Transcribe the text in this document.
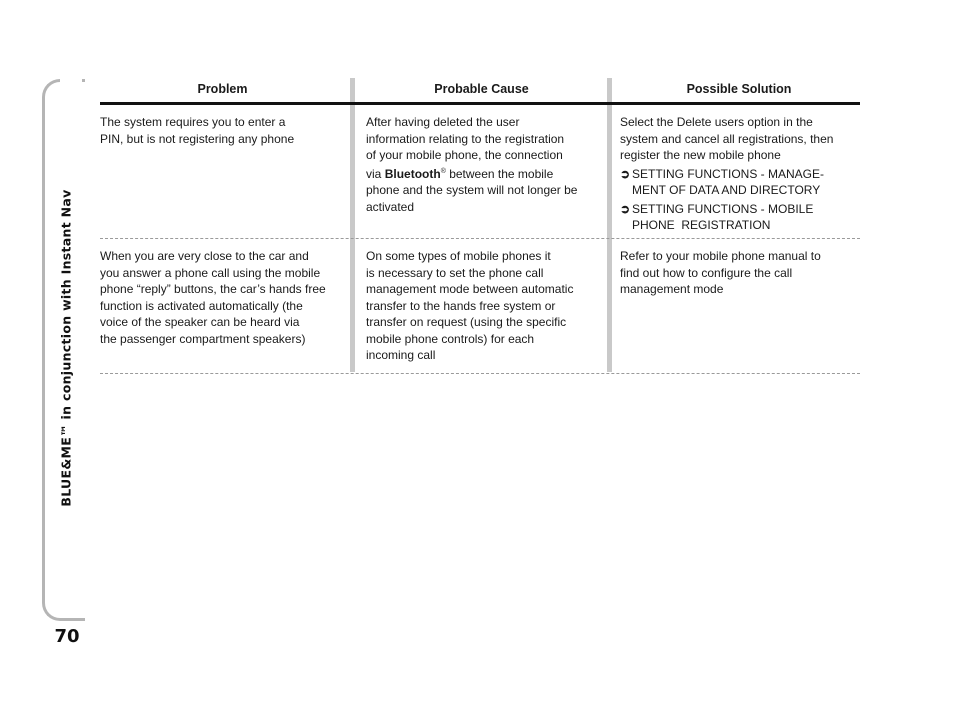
BLUE&ME™ in conjunction with Instant Nav
70
Problem	Probable Cause	Possible Solution

The system requires you to enter a

PIN, but is not registering any phone

After having deleted the user

information relating to the registration

of your mobile phone, the connection

via Bluetooth® between the mobile

phone and the system will not longer be

activated

Select the Delete users option in the

system and cancel all registrations, then

register the new mobile phone

➲ SETTING FUNCTIONS - MANAGE-

MENT OF DATA AND DIRECTORY

➲ SETTING FUNCTIONS - MOBILE

PHONE  REGISTRATION

When you are very close to the car and

you answer a phone call using the mobile

phone “reply” buttons, the car’s hands free

function is activated automatically (the

voice of the speaker can be heard via

the passenger compartment speakers)

On some types of mobile phones it

is necessary to set the phone call

management mode between automatic

transfer to the hands free system or

transfer on request (using the specific

mobile phone controls) for each

incoming call

Refer to your mobile phone manual to

find out how to configure the call

management mode
